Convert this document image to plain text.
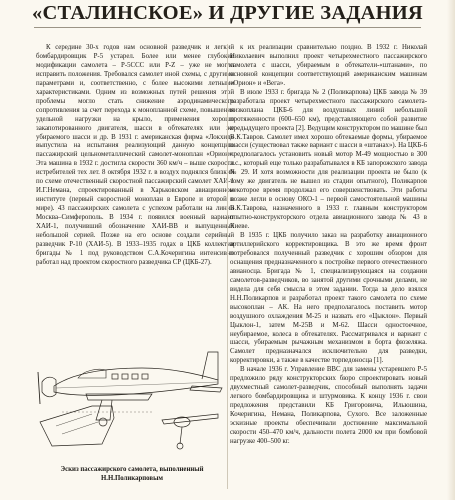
«СТАЛИНСКОЕ» И ДРУГИЕ ЗАДАНИЯ

К середине 30-х годов нам основной разведчик и легкий бомбардировщик Р-5 устарел. Более или менее глубокие модификации самолета – Р-5ССС или Р-Z – уже не могли исправить положения. Требовался самолет иной схемы, с другими параметрами и, соответственно, с более высокими летными характеристиками. Одним из возможных путей решения этой проблемы могло стать снижение аэродинамического сопротивления за счет перехода к монопланной схеме, повышения удельной нагрузки на крыло, применения хорошо закапотированного двигателя, шасси в обтекателях или же убираемого шасси и др. В 1931 г. американская фирма «Локхид» выпустила на испытания реализующий данную концепцию пассажирский цельнометаллический самолет-моноплан «Орион». Эта машина в 1932 г. достигла скорости 360 км/ч – выше скорости истребителей тех лет. 8 октября 1932 г. в воздух поднялся близкий по схеме отечественный скоростной пассажирский самолет ХАИ-1 И.Г.Немана, спроектированный в Харьковском авиационном институте (первый скоростной моноплан в Европе и второй в мире). 43 пассажирских самолета с успехом работали на линии Москва–Симферополь. В 1934 г. появился военный вариант ХАИ-1, получивший обозначение ХАИ-ВВ и выпущенный небольшой серией. Позже на его основе создали серийный разведчик Р-10 (ХАИ-5). В 1933–1935 годах в ЦКБ коллектив бригады № 1 под руководством С.А.Кочеригина интенсивно работал над проектом скоростного разведчика СР (ЦКБ-27).

к их реализации сравнительно поздно. В 1932 г. Николай Николаевич выполнил проект четырехместного пассажирского самолета с шасси, убираемым в обтекатели-«штанами», по основной концепции соответствующий американским машинам «Орион» и «Вега».

В июле 1933 г. бригада № 2 (Поликарпова) ЦКБ завода № 39 разработала проект четырехместного пассажирского самолета-низкоплана ЦКБ-6 для воздушных линий небольшой протяженности (600–650 км), представляющего собой развитие предыдущего проекта [2]. Ведущим конструктором по машине был В.К.Тавров. Самолет имел хорошо обтекаемые формы, убираемое шасси (существовал также вариант с шасси в «штанах»). На ЦКБ-6 предполагалось установить новый мотор М-49 мощностью в 300 л.с., который еще только разрабатывался в КБ запорожского завода № 29. И хотя возможности для реализации проекта не было (к тому же двигатель не вышел из стадии опытного), Поликарпов некоторое время продолжал его совершенствовать. Эти работы позже легли в основу ОКО-1 – первой самостоятельной машины В.К.Таврова, назначенного в 1933 г. главным конструктором опытно-конструкторского отдела авиационного завода № 43 в Киеве.

В 1935 г. ЦКБ получило заказ на разработку авиационного артиллерийского корректировщика. В это же время фронт потребовался полученный разведчик с хорошим обзором для оснащения предназначенного к постройке первого отечественного авианосца. Бригада № 1, специализирующаяся на создании самолетов-разведчиков, во занятой другими срочными делами, не видела для себя смысла в этом задании. Тогда за дело взялся Н.Н.Поликарпов и разработал проект такого самолета по схеме высокоплан – АК. На него предполагалось поставить мотор воздушного охлаждения М-25 и назвать его «Цыклон». Первый Цыклон-1, затем М-25В и М-62. Шасси одностоечное, неубираемое, колеса в обтекателях. Рассматривался и вариант с шасси, убираемым рычажным механизмом в борта фюзеляжа. Самолет предназначался исключительно для разведки, корректировки, а также в качестве торпедоносца [1].

В начале 1936 г. Управление ВВС для замены устаревшего Р-5 предложило ряду конструкторских бюро спроектировать новый двухместный самолет-разведчик, способный выполнять задачи легкого бомбардировщика и штурмовика. К концу 1936 г. свои предложения представили КБ Григоровича, Ильюшина, Кочеригина, Немана, Поликарпова, Сухого. Все заложенные эскизные проекты обеспечивали достижение максимальной скорости 450–470 км/ч, дальности полета 2000 км при бомбовой нагрузке 400–500 кг.

Эскиз пассажирского самолета, выполненный Н.Н.Поликарповым
